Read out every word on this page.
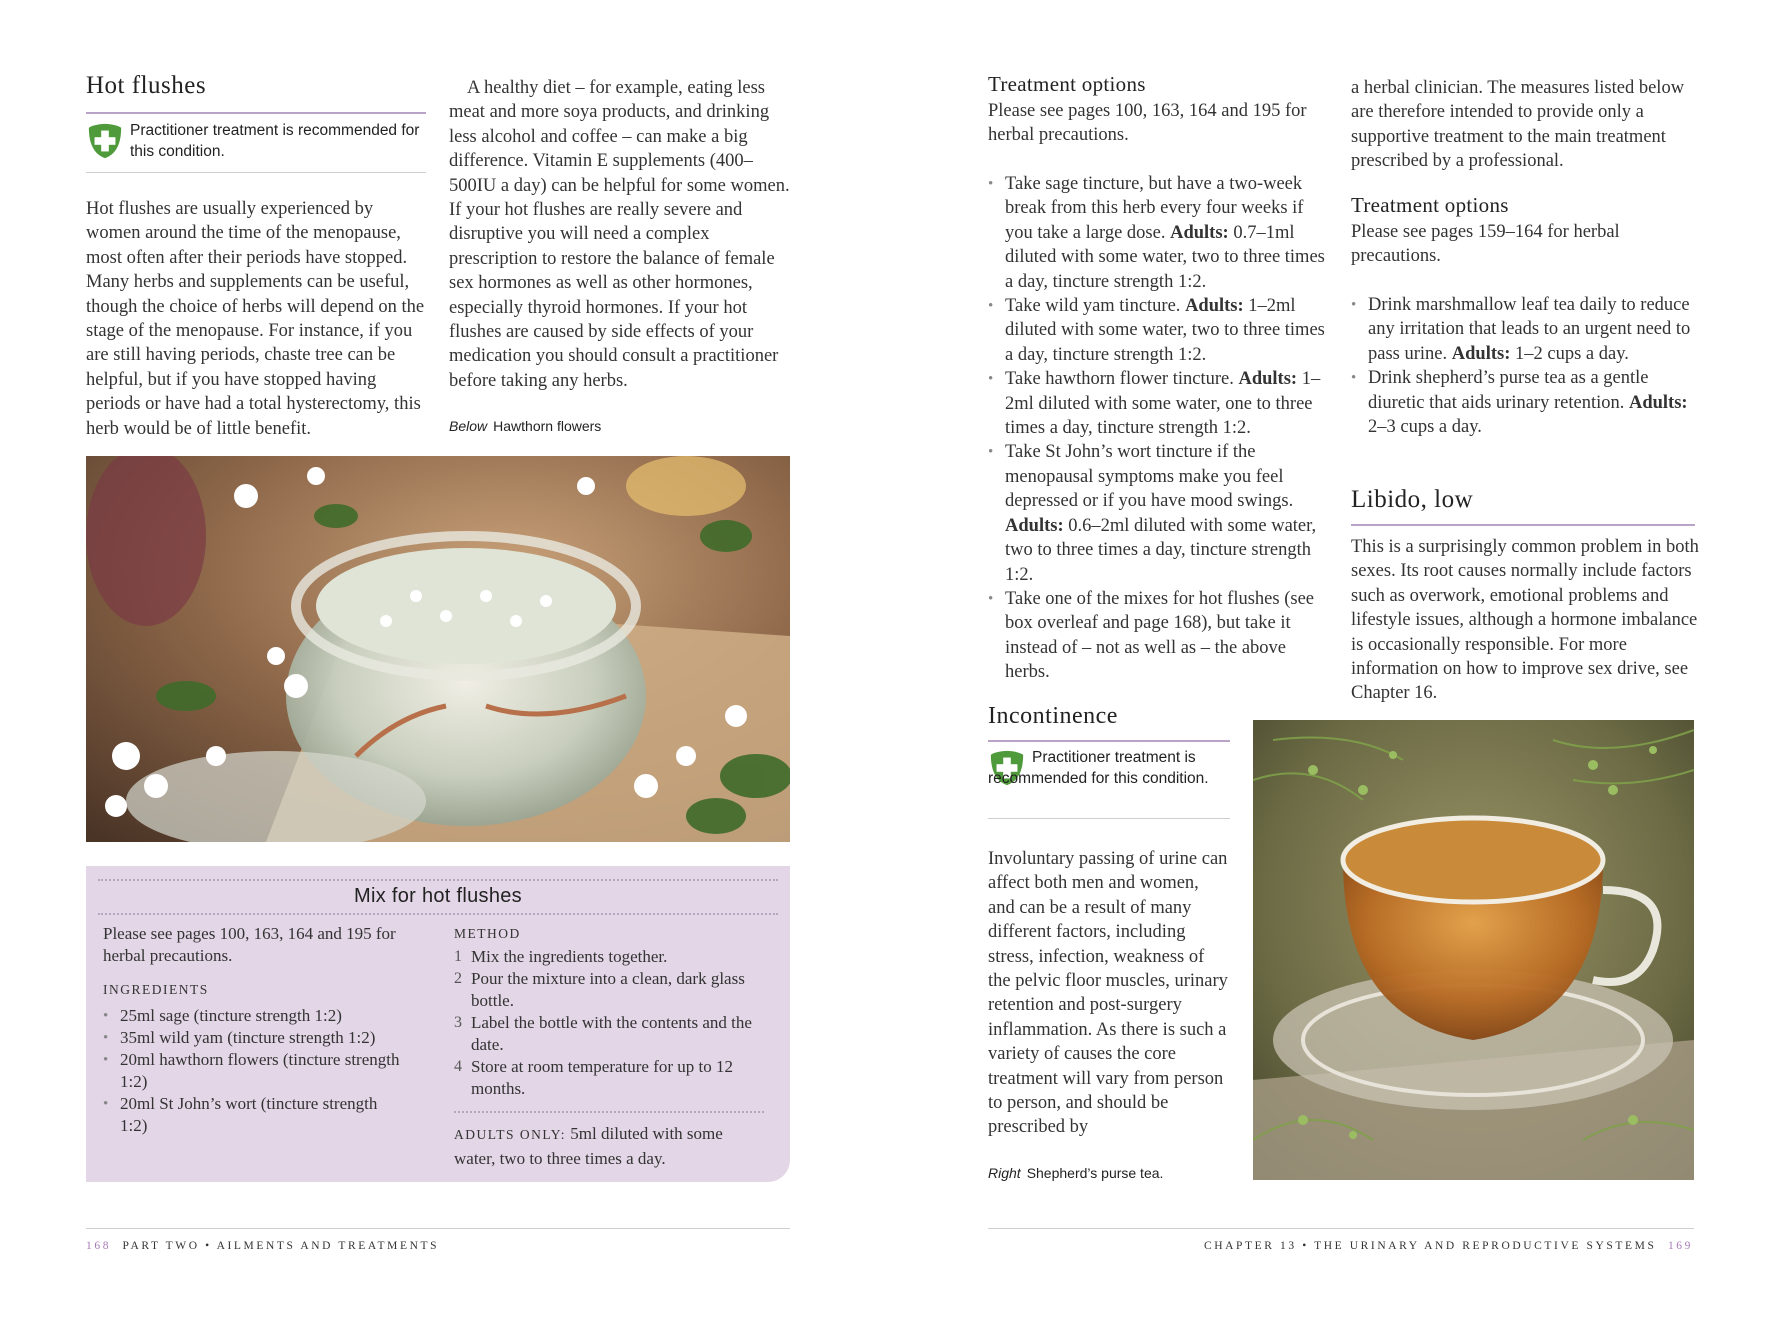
Hot flushes
Practitioner treatment is recommended for this condition.
Hot flushes are usually experienced by women around the time of the menopause, most often after their periods have stopped. Many herbs and supplements can be useful, though the choice of herbs will depend on the stage of the menopause. For instance, if you are still having periods, chaste tree can be helpful, but if you have stopped having periods or have had a total hysterectomy, this herb would be of little benefit.
A healthy diet – for example, eating less meat and more soya products, and drinking less alcohol and coffee – can make a big difference. Vitamin E supplements (400–500IU a day) can be helpful for some women. If your hot flushes are really severe and disruptive you will need a complex prescription to restore the balance of female sex hormones as well as other hormones, especially thyroid hormones. If your hot flushes are caused by side effects of your medication you should consult a practitioner before taking any herbs.
Below Hawthorn flowers
Mix for hot flushes
Please see pages 100, 163, 164 and 195 for herbal precautions.
INGREDIENTS
• 25ml sage (tincture strength 1:2)
• 35ml wild yam (tincture strength 1:2)
• 20ml hawthorn flowers (tincture strength 1:2)
• 20ml St John’s wort (tincture strength 1:2)
METHOD
1 Mix the ingredients together.
2 Pour the mixture into a clean, dark glass bottle.
3 Label the bottle with the contents and the date.
4 Store at room temperature for up to 12 months.
ADULTS ONLY: 5ml diluted with some water, two to three times a day.
168 PART TWO • AILMENTS AND TREATMENTS
Treatment options
Please see pages 100, 163, 164 and 195 for herbal precautions.
• Take sage tincture, but have a two-week break from this herb every four weeks if you take a large dose. Adults: 0.7–1ml diluted with some water, two to three times a day, tincture strength 1:2.
• Take wild yam tincture. Adults: 1–2ml diluted with some water, two to three times a day, tincture strength 1:2.
• Take hawthorn flower tincture. Adults: 1–2ml diluted with some water, one to three times a day, tincture strength 1:2.
• Take St John’s wort tincture if the menopausal symptoms make you feel depressed or if you have mood swings. Adults: 0.6–2ml diluted with some water, two to three times a day, tincture strength 1:2.
• Take one of the mixes for hot flushes (see box overleaf and page 168), but take it instead of – not as well as – the above herbs.
Incontinence
Practitioner treatment is recommended for this condition.
Involuntary passing of urine can affect both men and women, and can be a result of many different factors, including stress, infection, weakness of the pelvic floor muscles, urinary retention and post-surgery inflammation. As there is such a variety of causes the core treatment will vary from person to person, and should be prescribed by
Right Shepherd’s purse tea.
a herbal clinician. The measures listed below are therefore intended to provide only a supportive treatment to the main treatment prescribed by a professional.
Treatment options
Please see pages 159–164 for herbal precautions.
• Drink marshmallow leaf tea daily to reduce any irritation that leads to an urgent need to pass urine. Adults: 1–2 cups a day.
• Drink shepherd’s purse tea as a gentle diuretic that aids urinary retention. Adults: 2–3 cups a day.
Libido, low
This is a surprisingly common problem in both sexes. Its root causes normally include factors such as overwork, emotional problems and lifestyle issues, although a hormone imbalance is occasionally responsible. For more information on how to improve sex drive, see Chapter 16.
CHAPTER 13 • THE URINARY AND REPRODUCTIVE SYSTEMS 169
